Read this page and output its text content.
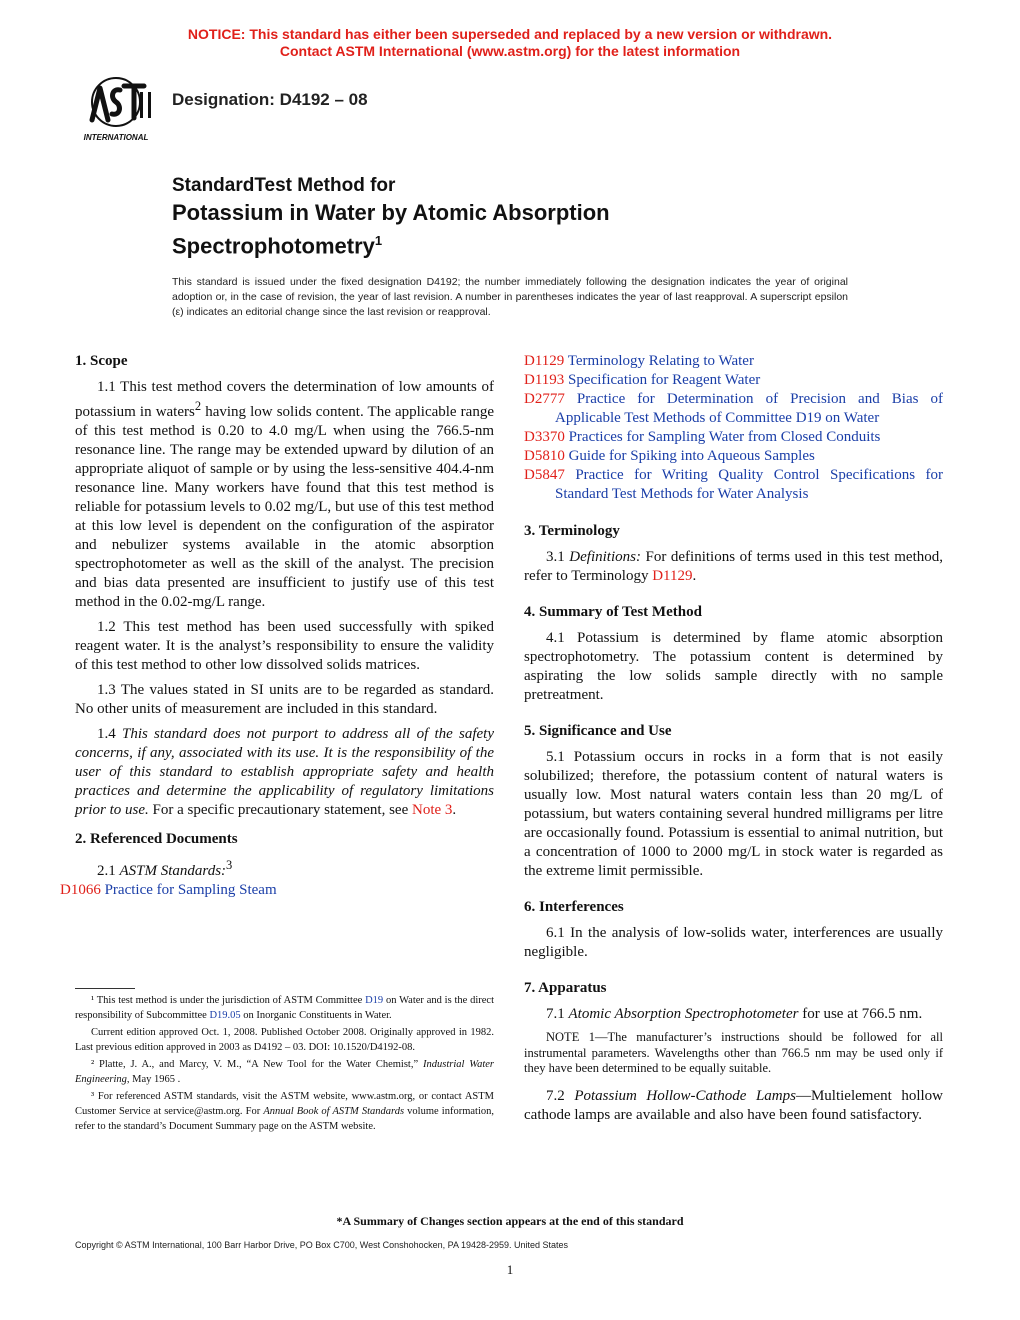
NOTICE: This standard has either been superseded and replaced by a new version or withdrawn.
Contact ASTM International (www.astm.org) for the latest information
INTERNATIONAL
Designation: D4192 – 08
StandardTest Method for
Potassium in Water by Atomic Absorption Spectrophotometry$^1$
This standard is issued under the fixed designation D4192; the number immediately following the designation indicates the year of original adoption or, in the case of revision, the year of last revision. A number in parentheses indicates the year of last reapproval. A superscript epsilon (ε) indicates an editorial change since the last revision or reapproval.
1. Scope

1.1 This test method covers the determination of low amounts of potassium in waters$^2$ having low solids content. The applicable range of this test method is 0.20 to 4.0 mg/L when using the 766.5-nm resonance line. The range may be extended upward by dilution of an appropriate aliquot of sample or by using the less-sensitive 404.4-nm resonance line. Many workers have found that this test method is reliable for potassium levels to 0.02 mg/L, but use of this test method at this low level is dependent on the configuration of the aspirator and nebulizer systems available in the atomic absorption spectrophotometer as well as the skill of the analyst. The precision and bias data presented are insufficient to justify use of this test method in the 0.02-mg/L range.

1.2 This test method has been used successfully with spiked reagent water. It is the analyst’s responsibility to ensure the validity of this test method to other low dissolved solids matrices.

1.3 The values stated in SI units are to be regarded as standard. No other units of measurement are included in this standard.

1.4 This standard does not purport to address all of the safety concerns, if any, associated with its use. It is the responsibility of the user of this standard to establish appropriate safety and health practices and determine the applicability of regulatory limitations prior to use. For a specific precautionary statement, see Note 3.

2. Referenced Documents

2.1 ASTM Standards:$^3$

D1066 Practice for Sampling Steam

¹ This test method is under the jurisdiction of ASTM Committee D19 on Water and is the direct responsibility of Subcommittee D19.05 on Inorganic Constituents in Water.

Current edition approved Oct. 1, 2008. Published October 2008. Originally approved in 1982. Last previous edition approved in 2003 as D4192 – 03. DOI: 10.1520/D4192-08.

² Platte, J. A., and Marcy, V. M., “A New Tool for the Water Chemist,” Industrial Water Engineering, May 1965 .

³ For referenced ASTM standards, visit the ASTM website, www.astm.org, or contact ASTM Customer Service at service@astm.org. For Annual Book of ASTM Standards volume information, refer to the standard’s Document Summary page on the ASTM website.

D1129 Terminology Relating to Water

D1193 Specification for Reagent Water

D2777 Practice for Determination of Precision and Bias of Applicable Test Methods of Committee D19 on Water

D3370 Practices for Sampling Water from Closed Conduits

D5810 Guide for Spiking into Aqueous Samples

D5847 Practice for Writing Quality Control Specifications for Standard Test Methods for Water Analysis

3. Terminology

3.1 Definitions: For definitions of terms used in this test method, refer to Terminology D1129.

4. Summary of Test Method

4.1 Potassium is determined by flame atomic absorption spectrophotometry. The potassium content is determined by aspirating the low solids sample directly with no sample pretreatment.

5. Significance and Use

5.1 Potassium occurs in rocks in a form that is not easily solubilized; therefore, the potassium content of natural waters is usually low. Most natural waters contain less than 20 mg/L of potassium, but waters containing several hundred milligrams per litre are occasionally found. Potassium is essential to animal nutrition, but a concentration of 1000 to 2000 mg/L in stock water is regarded as the extreme limit permissible.

6. Interferences

6.1 In the analysis of low-solids water, interferences are usually negligible.

7. Apparatus

7.1 Atomic Absorption Spectrophotometer for use at 766.5 nm.

NOTE 1—The manufacturer’s instructions should be followed for all instrumental parameters. Wavelengths other than 766.5 nm may be used only if they have been determined to be equally suitable.

7.2 Potassium Hollow-Cathode Lamps—Multielement hollow cathode lamps are available and also have been found satisfactory.

*A Summary of Changes section appears at the end of this standard
Copyright © ASTM International, 100 Barr Harbor Drive, PO Box C700, West Conshohocken, PA 19428-2959. United States
1
